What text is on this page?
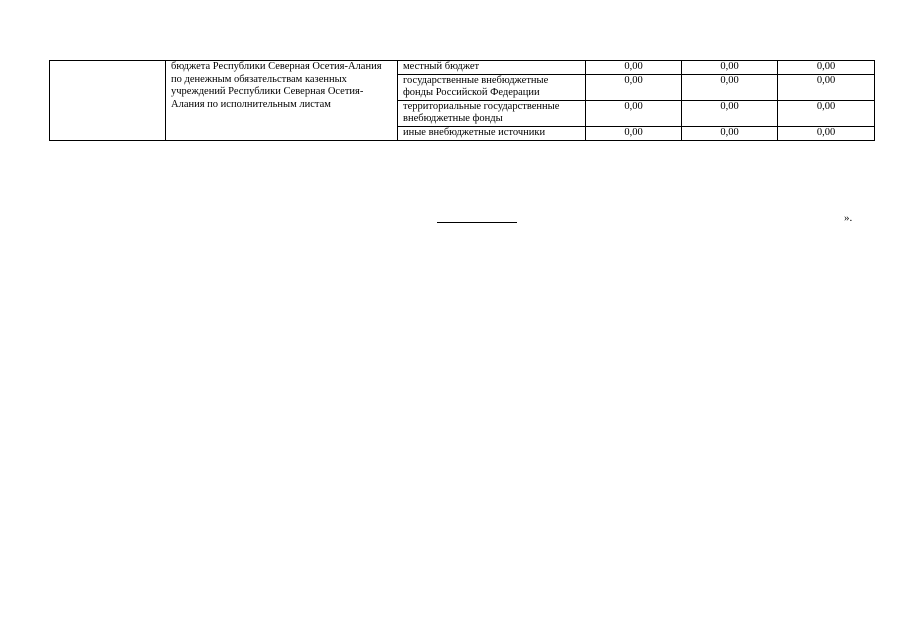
	бюджета Республики Северная Осетия-Алания по денежным обязательствам казенных учреждений Республики Северная Осетия-Алания по исполнительным листам	местный бюджет	0,00	0,00	0,00
		государственные внебюджетные фонды Российской Федерации	0,00	0,00	0,00
		территориальные государственные внебюджетные фонды	0,00	0,00	0,00
		иные внебюджетные источники	0,00	0,00	0,00
».
